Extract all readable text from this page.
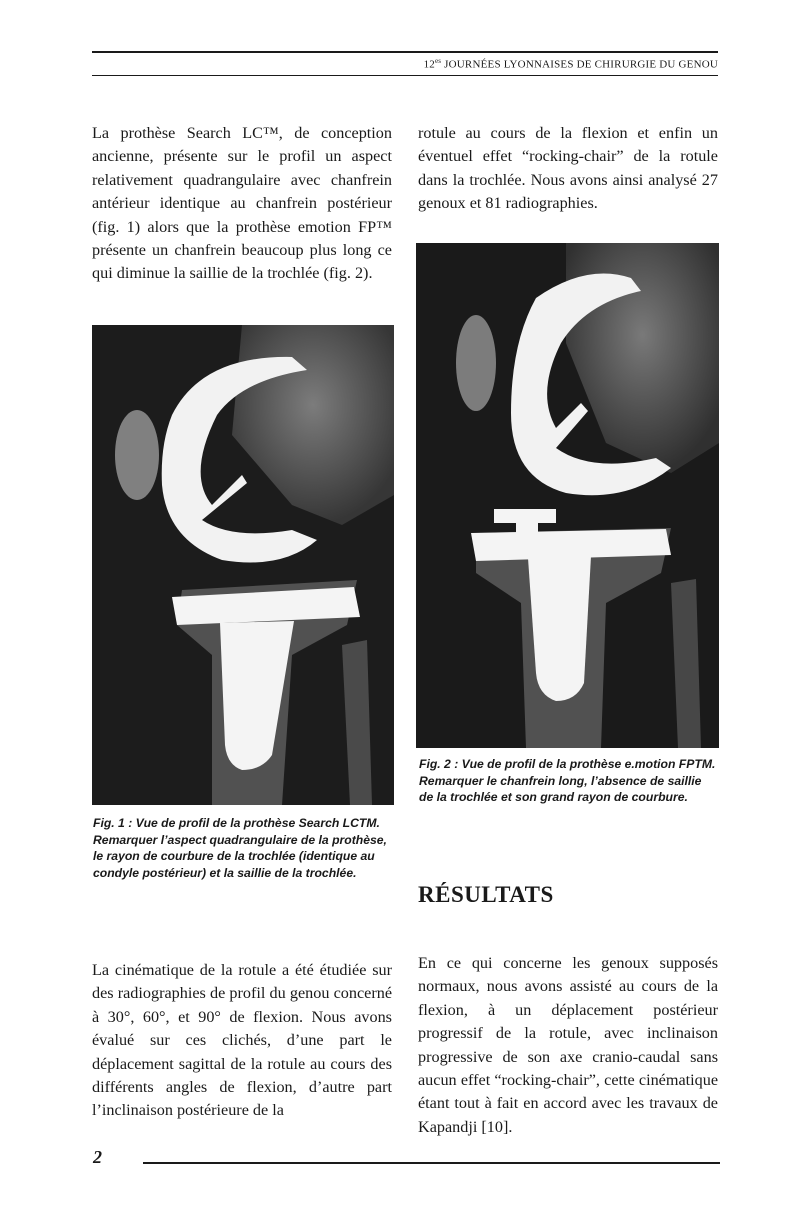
$12^{es}$ JOURNÉES LYONNAISES DE CHIRURGIE DU GENOU

La prothèse Search LC™, de conception ancienne, présente sur le profil un aspect relativement quadrangulaire avec chanfrein antérieur identique au chanfrein postérieur (fig. 1) alors que la prothèse emotion FP™ présente un chanfrein beaucoup plus long ce qui diminue la saillie de la trochlée (fig. 2).

Fig. 1 : Vue de profil de la prothèse Search LCTM. Remarquer l’aspect quadrangulaire de la prothèse, le rayon de courbure de la trochlée (identique au condyle postérieur) et la saillie de la trochlée.

La cinématique de la rotule a été étudiée sur des radiographies de profil du genou concerné à 30°, 60°, et 90° de flexion. Nous avons évalué sur ces clichés, d’une part le déplacement sagittal de la rotule au cours des différents angles de flexion, d’autre part l’inclinaison postérieure de la

rotule au cours de la flexion et enfin un éventuel effet “rocking-chair” de la rotule dans la trochlée. Nous avons ainsi analysé 27 genoux et 81 radiographies.

Fig. 2 : Vue de profil de la prothèse e.motion FPTM. Remarquer le chanfrein long, l’absence de saillie de la trochlée et son grand rayon de courbure.

RÉSULTATS

En ce qui concerne les genoux supposés normaux, nous avons assisté au cours de la flexion, à un déplacement postérieur progressif de la rotule, avec inclinaison progressive de son axe cranio-caudal sans aucun effet “rocking-chair”, cette cinématique étant tout à fait en accord avec les travaux de Kapandji [10].

2
